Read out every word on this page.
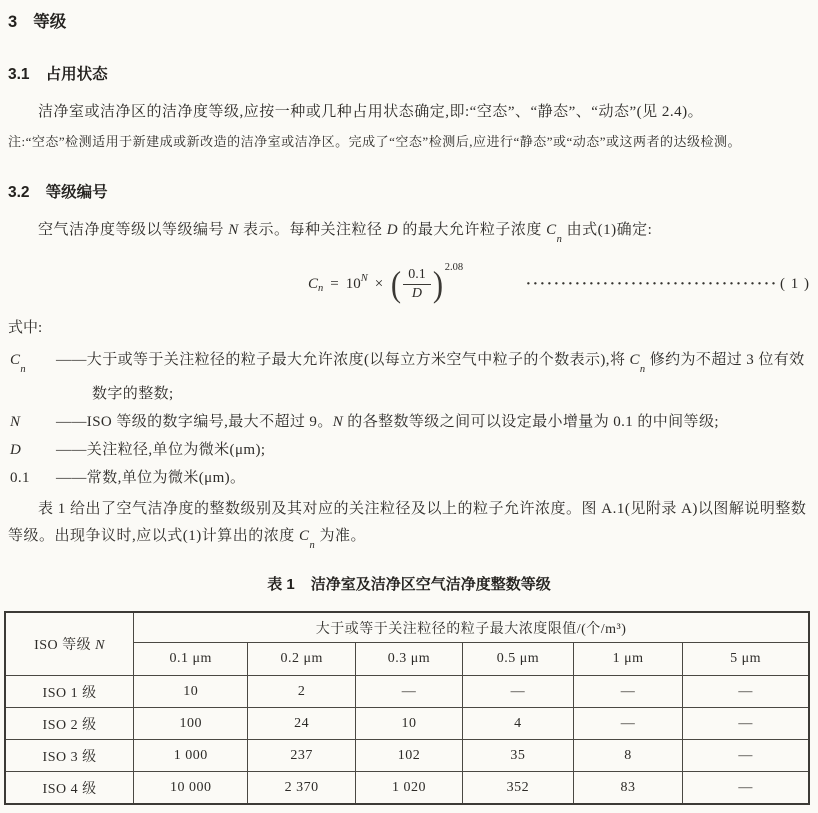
3 等级
3.1 占用状态

洁净室或洁净区的洁净度等级,应按一种或几种占用状态确定,即:“空态”、“静态”、“动态”(见 2.4)。

注: “空态”检测适用于新建成或新改造的洁净室或洁净区。完成了“空态”检测后,应进行“静态”或“动态”或这两者的达级检测。
3.2 等级编号

空气洁净度等级以等级编号 N 表示。每种关注粒径 D 的最大允许粒子浓度 $C_n$ 由式(1)确定:

$C_n = 10^N$ × ( $\frac{0.1}{D} )^{2.08}$
···································· ( 1 )

式中:

$C_n$
——大于或等于关注粒径的粒子最大允许浓度(以每立方米空气中粒子的个数表示),将 $C_n$ 修约为不超过 3 位有效数字的整数;
N	——ISO 等级的数字编号,最大不超过 9。N 的各整数等级之间可以设定最小增量为 0.1 的中间等级;
D	——关注粒径,单位为微米(μm);
0.1	——常数,单位为微米(μm)。

表 1 给出了空气洁净度的整数级别及其对应的关注粒径及以上的粒子允许浓度。图 A.1(见附录 A)以图解说明整数等级。出现争议时,应以式(1)计算出的浓度 $C_n$ 为准。

表 1 洁净室及洁净区空气洁净度整数等级
ISO 等级 N	大于或等于关注粒径的粒子最大浓度限值/(个/m³)					
	0.1 μm	0.2 μm	0.3 μm	0.5 μm	1 μm	5 μm
ISO 1 级	10	2	—	—	—	—
ISO 2 级	100	24	10	4	—	—
ISO 3 级	1 000	237	102	35	8	—
ISO 4 级	10 000	2 370	1 020	352	83	—
